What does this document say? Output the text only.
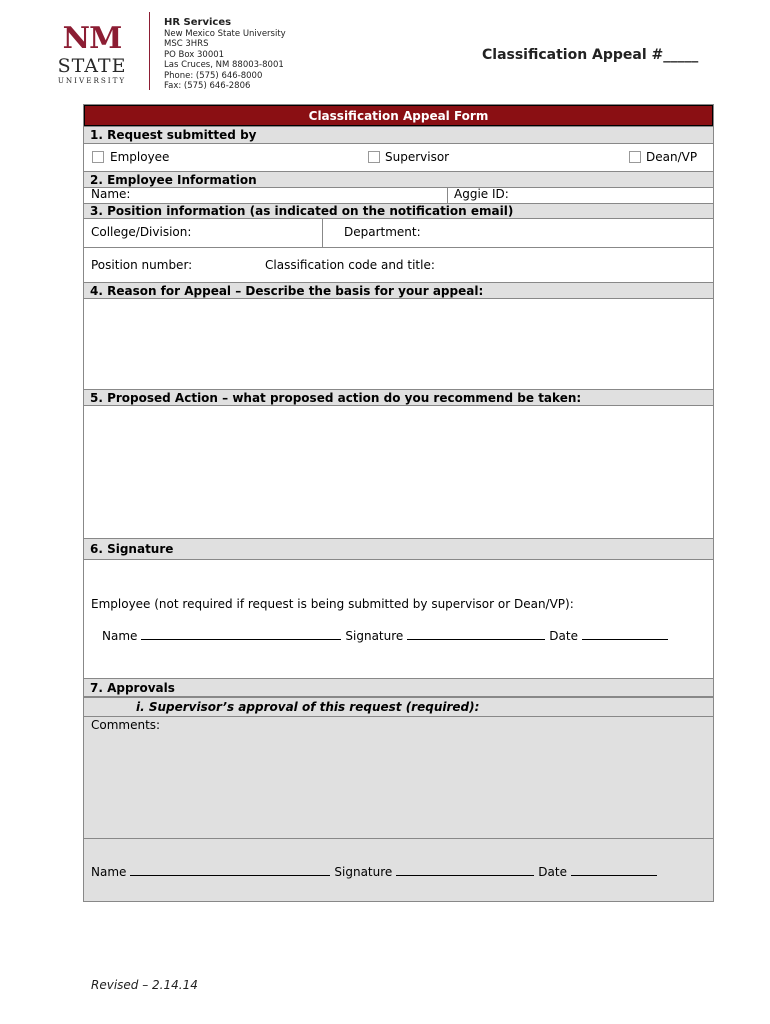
NM
STATE
UNIVERSITY
HR Services
New Mexico State University
MSC 3HRS
PO Box 30001
Las Cruces, NM 88003-8001
Phone: (575) 646-8000
Fax: (575) 646-2806
Classification Appeal #_____
Classification Appeal Form
1. Request submitted by
Employee	Supervisor	Dean/VP
2. Employee Information
Name:	Aggie ID:
3. Position information (as indicated on the notification email)
College/Division:	Department:
Position number:	Classification code and title:
4. Reason for Appeal – Describe the basis for your appeal:
5. Proposed Action – what proposed action do you recommend be taken:
6. Signature
Employee (not required if request is being submitted by supervisor or Dean/VP):
Name	Signature	Date
7. Approvals
i. Supervisor’s approval of this request (required):
Comments:
Name	Signature	Date
Revised – 2.14.14
